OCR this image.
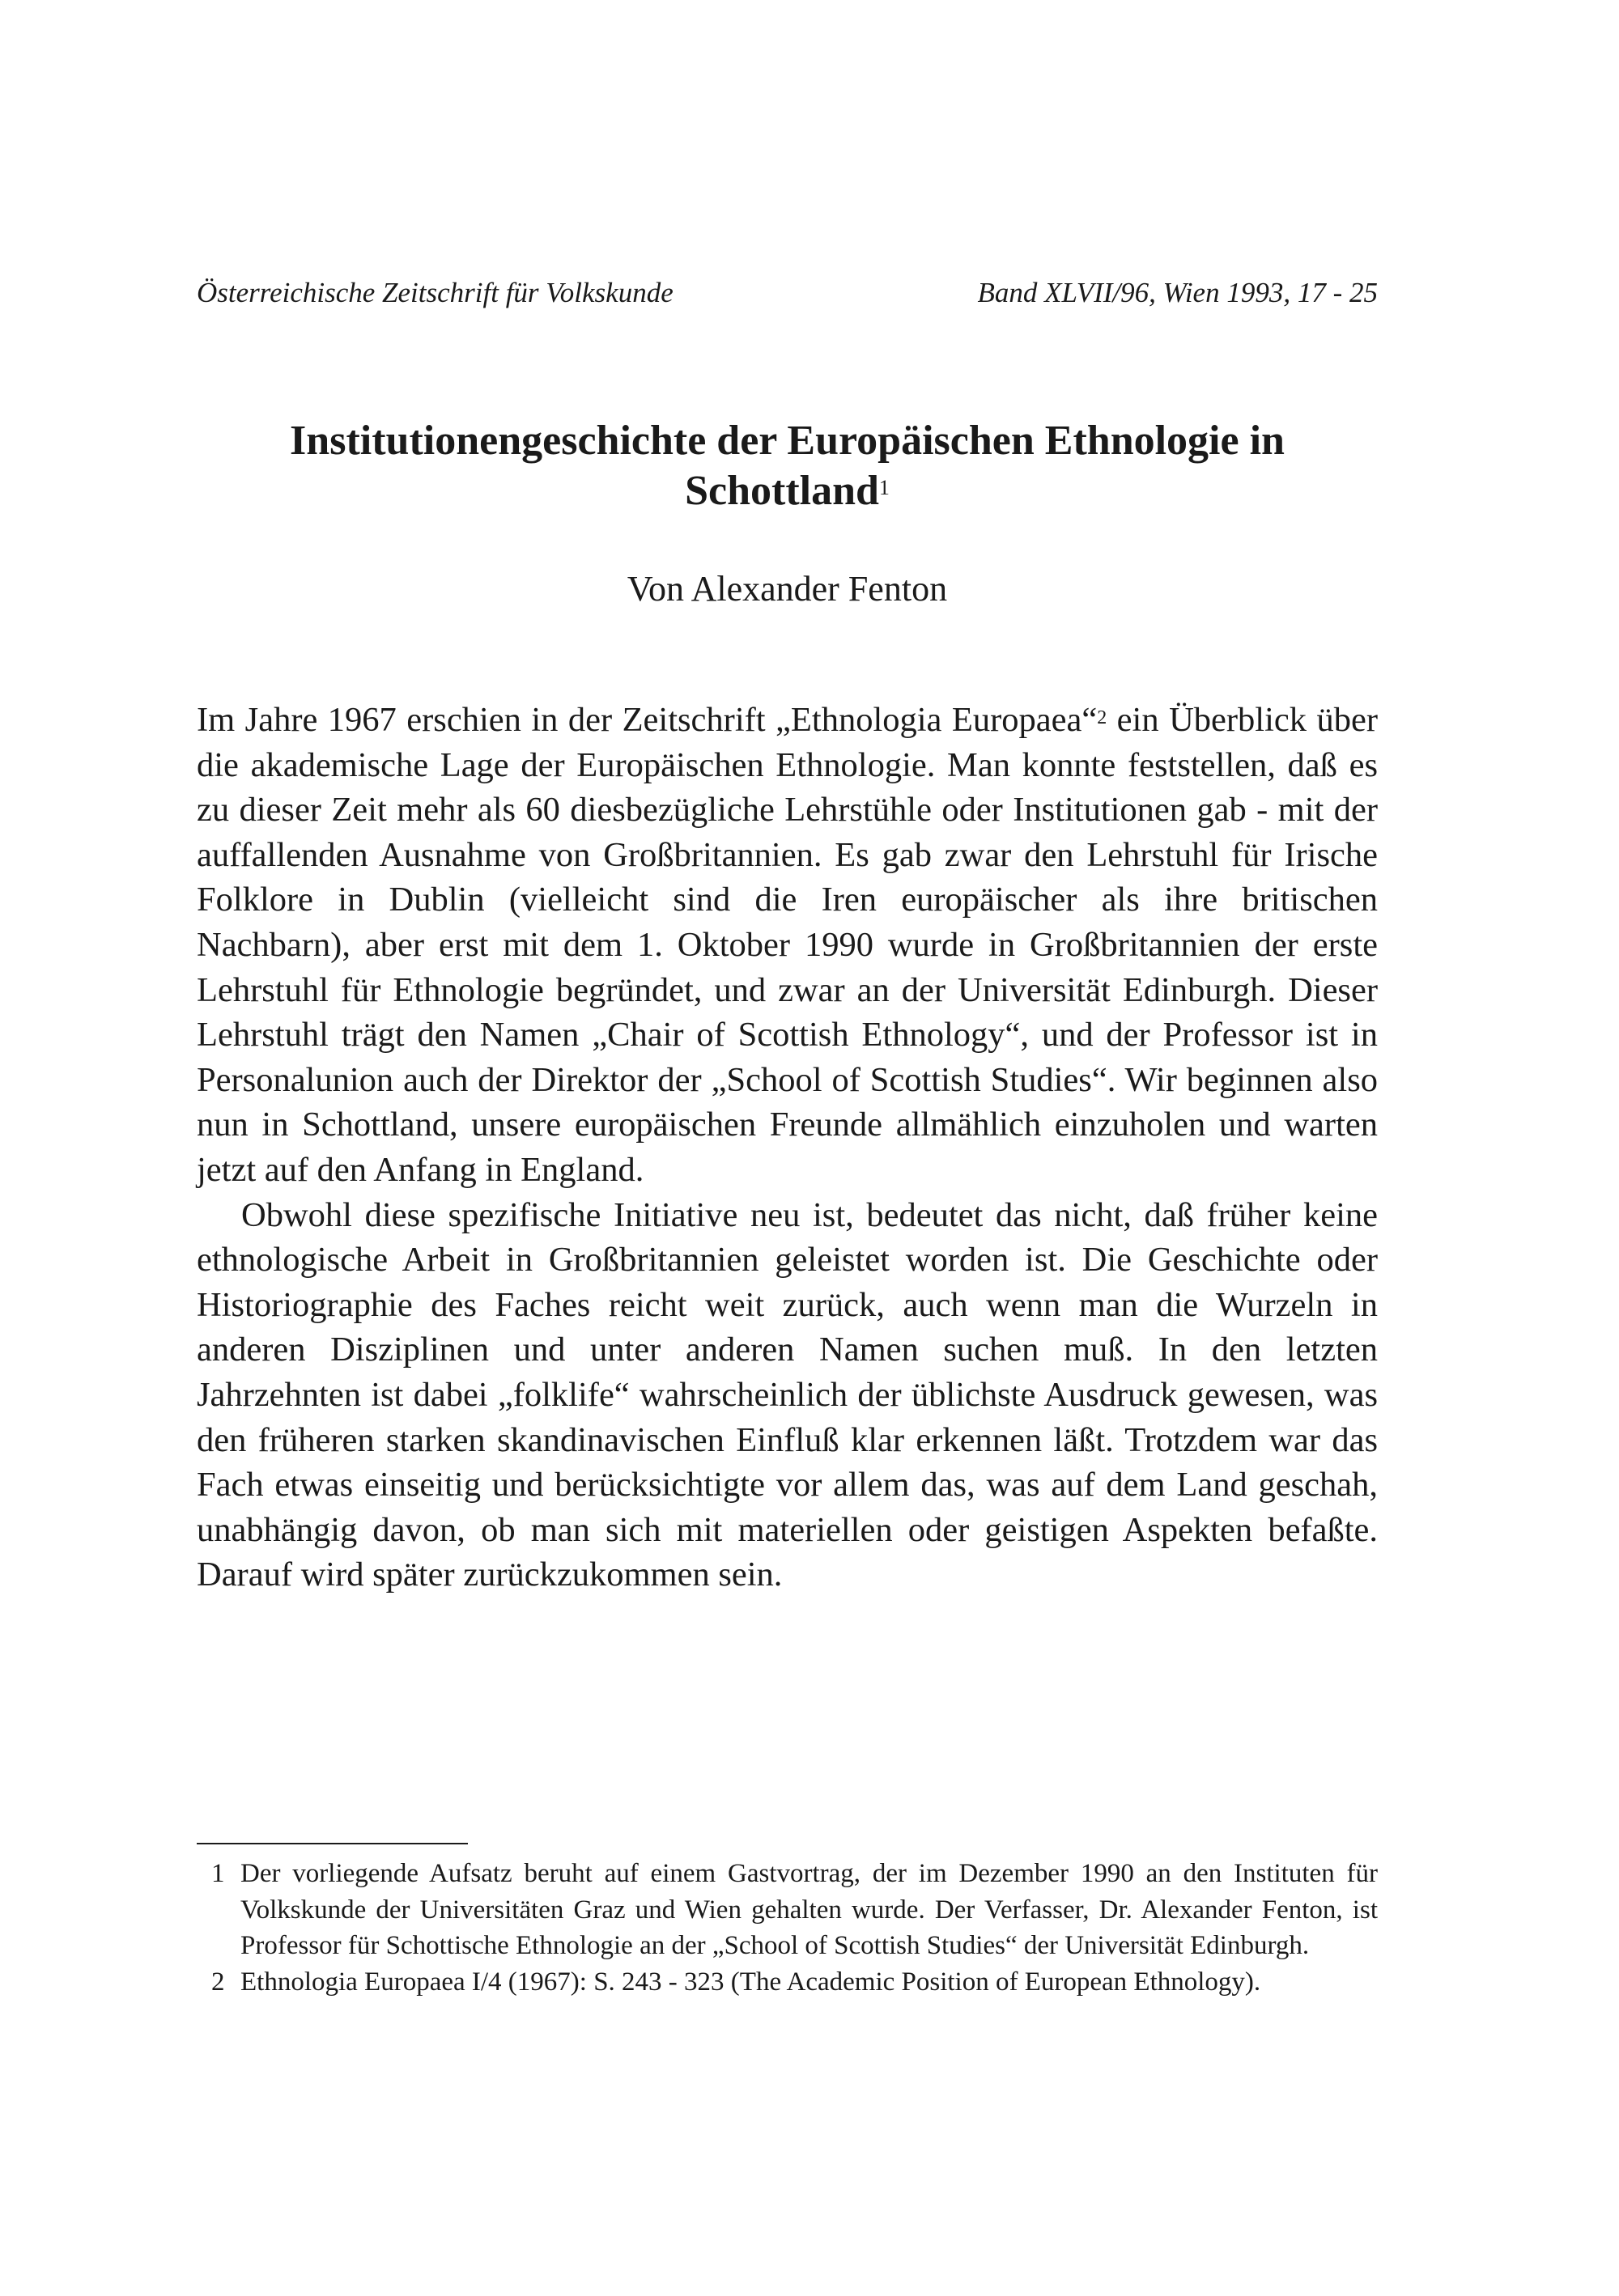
Österreichische Zeitschrift für Volkskunde	Band XLVII/96, Wien 1993, 17 - 25
Institutionengeschichte der Europäischen Ethnologie in
Schottland$^1$
Von Alexander Fenton

Im Jahre 1967 erschien in der Zeitschrift „Ethnologia Europaea“$^2$ ein Überblick über die akademische Lage der Europäischen Ethnologie. Man konnte feststellen, daß es zu dieser Zeit mehr als 60 diesbezügliche Lehrstühle oder Institutionen gab - mit der auffallenden Ausnahme von Großbritannien. Es gab zwar den Lehrstuhl für Irische Folklore in Dublin (vielleicht sind die Iren europäischer als ihre britischen Nachbarn), aber erst mit dem 1. Oktober 1990 wurde in Großbritannien der erste Lehrstuhl für Ethnologie begründet, und zwar an der Universität Edinburgh. Dieser Lehrstuhl trägt den Namen „Chair of Scottish Ethnology“, und der Professor ist in Personalunion auch der Direktor der „School of Scottish Studies“. Wir beginnen also nun in Schottland, unsere europäischen Freunde allmählich einzuholen und warten jetzt auf den Anfang in England.

Obwohl diese spezifische Initiative neu ist, bedeutet das nicht, daß früher keine ethnologische Arbeit in Großbritannien geleistet worden ist. Die Geschichte oder Historiographie des Faches reicht weit zurück, auch wenn man die Wurzeln in anderen Disziplinen und unter anderen Namen suchen muß. In den letzten Jahrzehnten ist dabei „folklife“ wahrscheinlich der üblichste Ausdruck gewesen, was den früheren starken skandinavischen Einfluß klar erkennen läßt. Trotzdem war das Fach etwas einseitig und berücksichtigte vor allem das, was auf dem Land geschah, unabhängig davon, ob man sich mit materiellen oder geistigen Aspekten befaßte. Darauf wird später zurückzukommen sein.

1 Der vorliegende Aufsatz beruht auf einem Gastvortrag, der im Dezember 1990 an den Instituten für Volkskunde der Universitäten Graz und Wien gehalten wurde. Der Verfasser, Dr. Alexander Fenton, ist Professor für Schottische Ethnologie an der „School of Scottish Studies“ der Universität Edinburgh.
2 Ethnologia Europaea I/4 (1967): S. 243 - 323 (The Academic Position of European Ethnology).
